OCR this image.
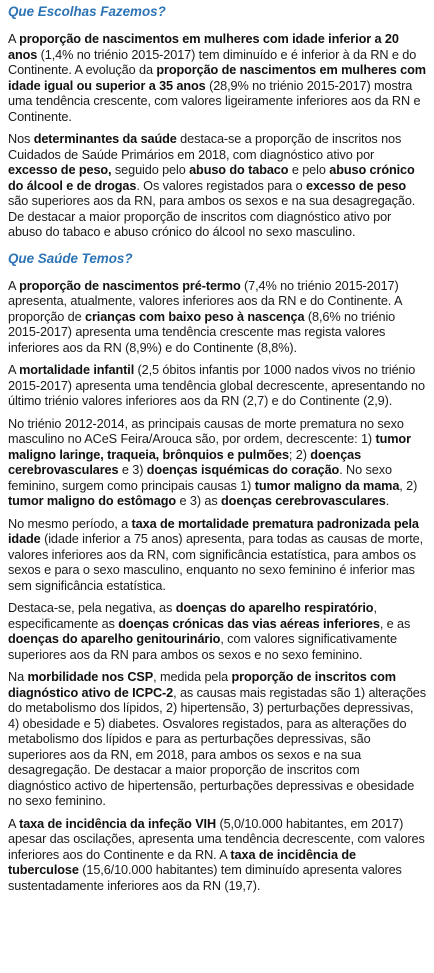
Que Escolhas Fazemos?

A proporção de nascimentos em mulheres com idade inferior a 20 anos (1,4% no triénio 2015-2017) tem diminuído e é inferior à da RN e do Continente. A evolução da proporção de nascimentos em mulheres com idade igual ou superior a 35 anos (28,9% no triénio 2015-2017) mostra uma tendência crescente, com valores ligeiramente inferiores aos da RN e Continente.

Nos determinantes da saúde destaca-se a proporção de inscritos nos Cuidados de Saúde Primários em 2018, com diagnóstico ativo por excesso de peso, seguido pelo abuso do tabaco e pelo abuso crónico do álcool e de drogas. Os valores registados para o excesso de peso são superiores aos da RN, para ambos os sexos e na sua desagregação. De destacar a maior proporção de inscritos com diagnóstico ativo por abuso do tabaco e abuso crónico do álcool no sexo masculino.

Que Saúde Temos?

A proporção de nascimentos pré-termo (7,4% no triénio 2015-2017) apresenta, atualmente, valores inferiores aos da RN e do Continente. A proporção de crianças com baixo peso à nascença (8,6% no triénio 2015-2017) apresenta uma tendência crescente mas regista valores inferiores aos da RN (8,9%) e do Continente (8,8%).

A mortalidade infantil (2,5 óbitos infantis por 1000 nados vivos no triénio 2015-2017) apresenta uma tendência global decrescente, apresentando no último triénio valores inferiores aos da RN (2,7) e do Continente (2,9).

No triénio 2012-2014, as principais causas de morte prematura no sexo masculino no ACeS Feira/Arouca são, por ordem, decrescente: 1) tumor maligno laringe, traqueia, brônquios e pulmões; 2) doenças cerebrovasculares e 3) doenças isquémicas do coração. No sexo feminino, surgem como principais causas 1) tumor maligno da mama, 2) tumor maligno do estômago e 3) as doenças cerebrovasculares.

No mesmo período, a taxa de mortalidade prematura padronizada pela idade (idade inferior a 75 anos) apresenta, para todas as causas de morte, valores inferiores aos da RN, com significância estatística, para ambos os sexos e para o sexo masculino, enquanto no sexo feminino é inferior mas sem significância estatística.

Destaca-se, pela negativa, as doenças do aparelho respiratório, especificamente as doenças crónicas das vias aéreas inferiores, e as doenças do aparelho genitourinário, com valores significativamente superiores aos da RN para ambos os sexos e no sexo feminino.

Na morbilidade nos CSP, medida pela proporção de inscritos com diagnóstico ativo de ICPC-2, as causas mais registadas são 1) alterações do metabolismo dos lípidos, 2) hipertensão, 3) perturbações depressivas, 4) obesidade e 5) diabetes. Osvalores registados, para as alterações do metabolismo dos lípidos e para as perturbações depressivas, são superiores aos da RN, em 2018, para ambos os sexos e na sua desagregação. De destacar a maior proporção de inscritos com diagnóstico activo de hipertensão, perturbações depressivas e obesidade no sexo feminino.

A taxa de incidência da infeção VIH (5,0/10.000 habitantes, em 2017) apesar das oscilações, apresenta uma tendência decrescente, com valores inferiores aos do Continente e da RN. A taxa de incidência de tuberculose (15,6/10.000 habitantes) tem diminuído apresenta valores sustentadamente inferiores aos da RN (19,7).
